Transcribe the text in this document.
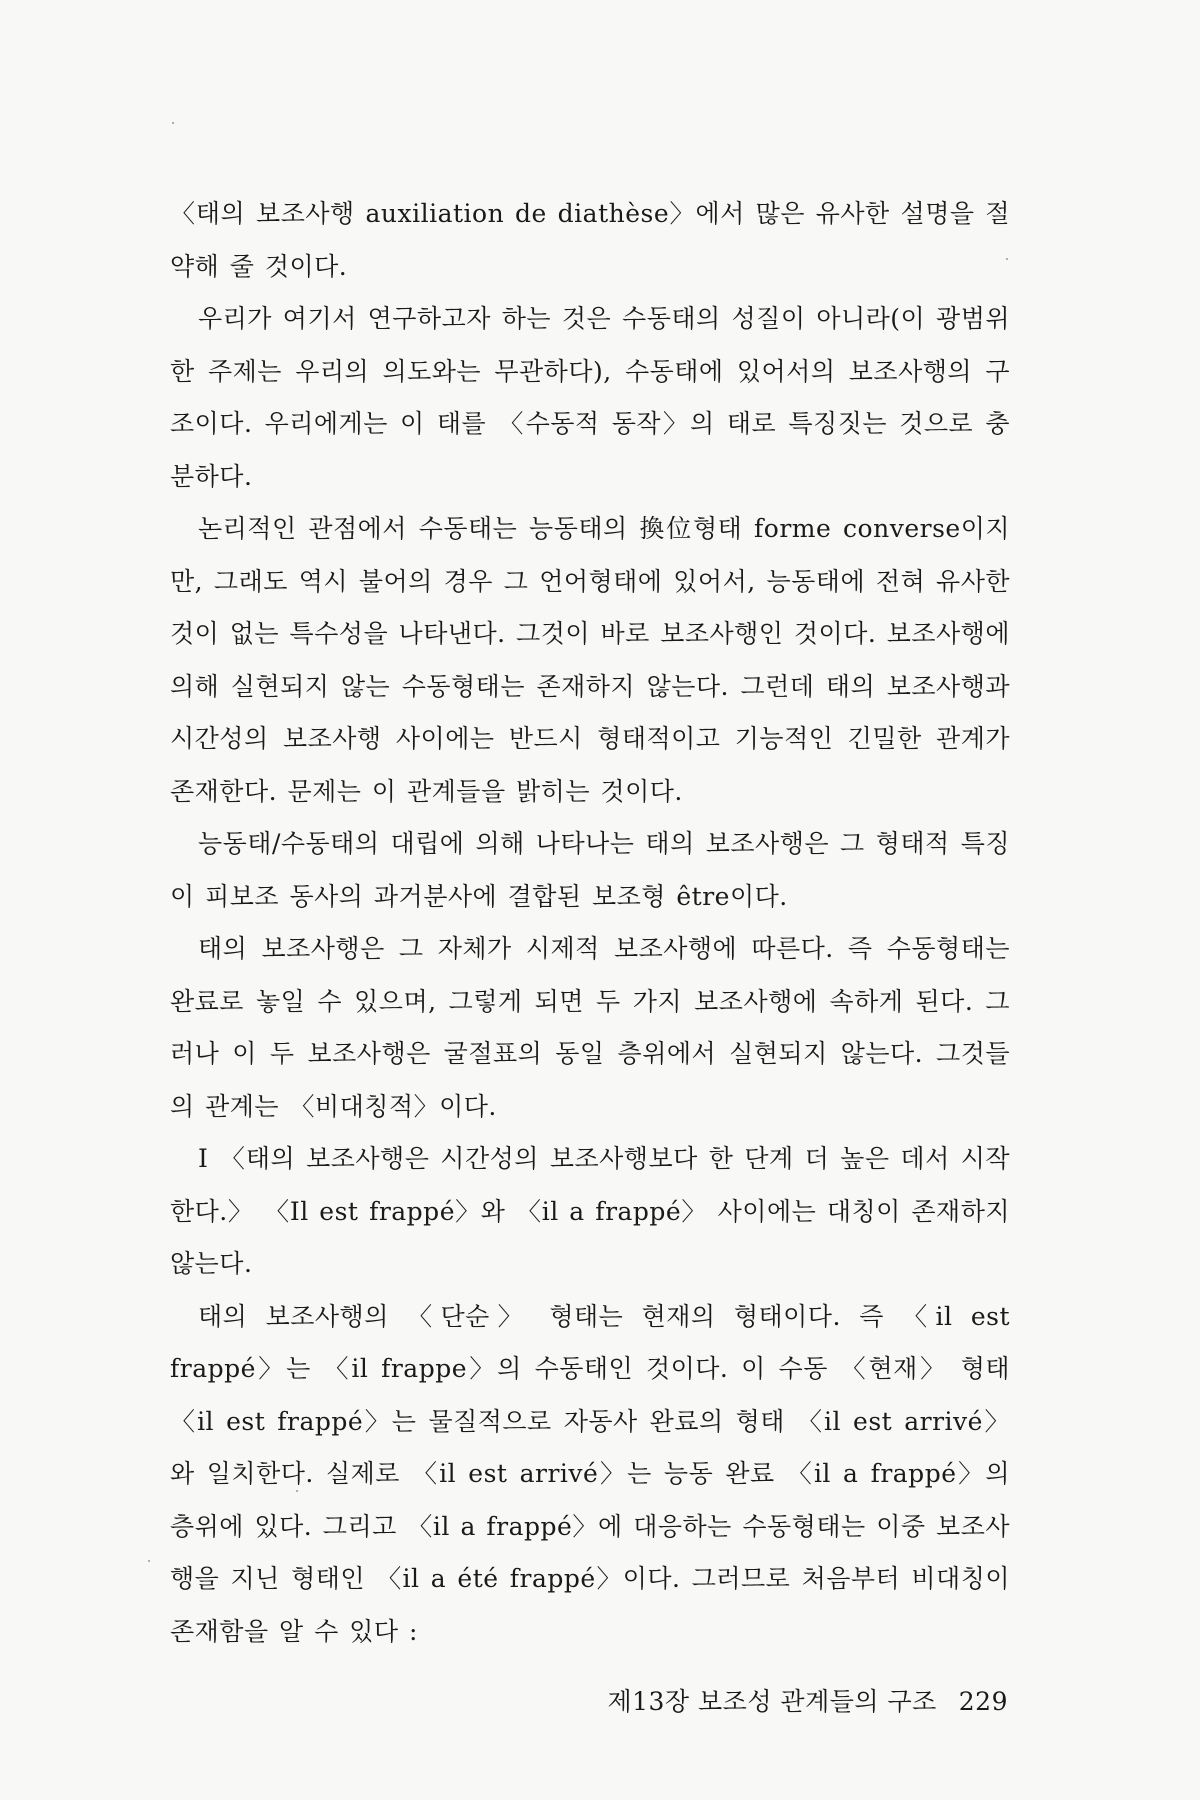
〈태의 보조사행 auxiliation de diathèse〉에서 많은 유사한 설명을 절약해 줄 것이다.

우리가 여기서 연구하고자 하는 것은 수동태의 성질이 아니라(이 광범위한 주제는 우리의 의도와는 무관하다), 수동태에 있어서의 보조사행의 구조이다. 우리에게는 이 태를 〈수동적 동작〉의 태로 특징짓는 것으로 충분하다.

논리적인 관점에서 수동태는 능동태의 換位형태 forme converse이지만, 그래도 역시 불어의 경우 그 언어형태에 있어서, 능동태에 전혀 유사한 것이 없는 특수성을 나타낸다. 그것이 바로 보조사행인 것이다. 보조사행에 의해 실현되지 않는 수동형태는 존재하지 않는다. 그런데 태의 보조사행과 시간성의 보조사행 사이에는 반드시 형태적이고 기능적인 긴밀한 관계가 존재한다. 문제는 이 관계들을 밝히는 것이다.

능동태/수동태의 대립에 의해 나타나는 태의 보조사행은 그 형태적 특징이 피보조 동사의 과거분사에 결합된 보조형 être이다.

태의 보조사행은 그 자체가 시제적 보조사행에 따른다. 즉 수동형태는 완료로 놓일 수 있으며, 그렇게 되면 두 가지 보조사행에 속하게 된다. 그러나 이 두 보조사행은 굴절표의 동일 층위에서 실현되지 않는다. 그것들의 관계는 〈비대칭적〉이다.

Ⅰ 〈태의 보조사행은 시간성의 보조사행보다 한 단계 더 높은 데서 시작한다.〉 〈Il est frappé〉와 〈il a frappé〉 사이에는 대칭이 존재하지 않는다.

태의 보조사행의 〈단순〉 형태는 현재의 형태이다. 즉 〈il est frappé〉는 〈il frappe〉의 수동태인 것이다. 이 수동 〈현재〉 형태 〈il est frappé〉는 물질적으로 자동사 완료의 형태 〈il est arrivé〉와 일치한다. 실제로 〈il est arrivé〉는 능동 완료 〈il a frappé〉의 층위에 있다. 그리고 〈il a frappé〉에 대응하는 수동형태는 이중 보조사행을 지닌 형태인 〈il a été frappé〉이다. 그러므로 처음부터 비대칭이 존재함을 알 수 있다 :

제13장 보조성 관계들의 구조 229
